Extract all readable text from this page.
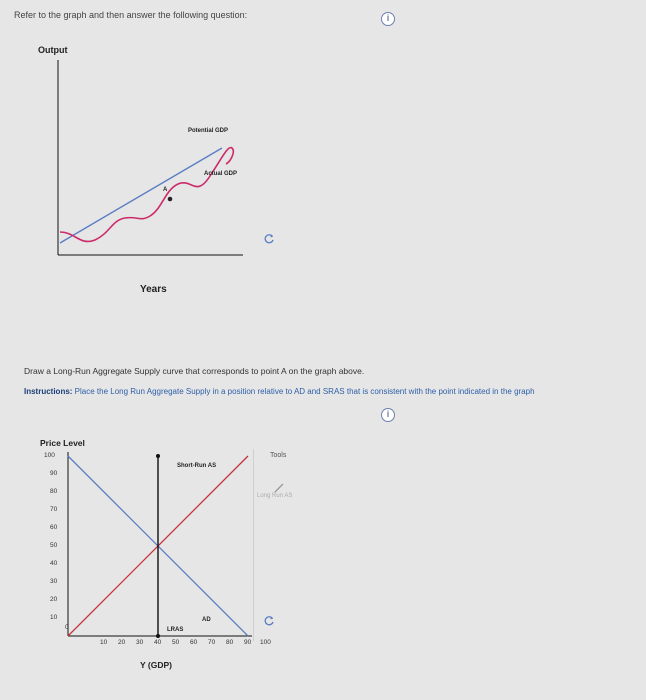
Refer to the graph and then answer the following question:	i
Output
A
Potential GDP
Actual GDP
Years
Draw a Long-Run Aggregate Supply curve that corresponds to point A on the graph above.
Instructions: Place the Long Run Aggregate Supply in a position relative to AD and SRAS that is consistent with the point indicated in the graph
i
Price Level
100
90
80
70
60
50
40
30
20
10
10 20 30 40 50 60 70 80 90 100
0
Short-Run AS
AD
LRAS
Y (GDP)
Tools
Long Run AS
